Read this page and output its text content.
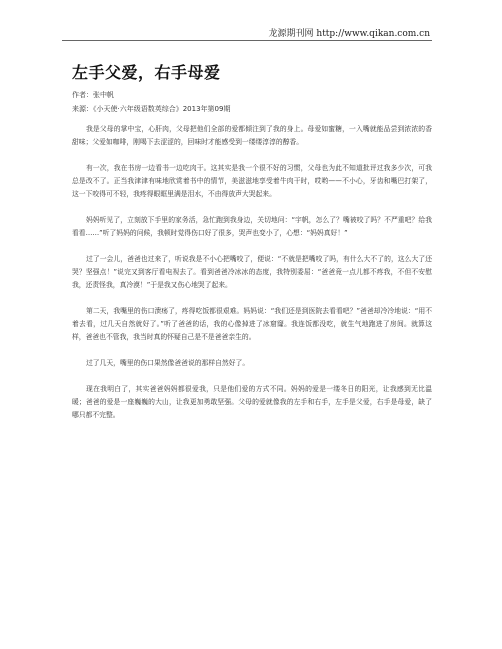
龙源期刊网 http://www.qikan.com.cn
左手父爱，右手母爱
作者：张中帆
来源：《小天使·六年级语数英综合》2013年第09期

我是父母的掌中宝，心肝肉，父母把他们全部的爱都倾注到了我的身上。母爱如蜜糖，一入嘴就能品尝到浓浓的香甜味；父爱如咖啡，刚喝下去涩涩的，回味时才能感受到一缕缕淳淳的醇香。

有一次，我在书房一边看书一边吃肉干。这其实是我一个很不好的习惯，父母也为此不知道批评过我多少次，可我总是改不了。正当我津津有味地欣赏着书中的情节，美滋滋地享受着牛肉干时，哎哟——不小心，牙齿和嘴巴打架了，这一下咬得可不轻，我疼得眼眶里满是泪水，不由得放声大哭起来。

妈妈听见了，立刻放下手里的家务活，急忙跑到我身边，关切地问：“宇帆，怎么了？嘴被咬了吗？不严重吧？给我看看……”听了妈妈的问候，我顿时觉得伤口好了很多，哭声也变小了，心想：“妈妈真好！”

过了一会儿，爸爸也过来了，听说我是不小心把嘴咬了，便说：“不就是把嘴咬了吗，有什么大不了的，这么大了还哭？坚强点！”说完又到客厅看电视去了。看到爸爸冷冰冰的态度，我特别委屈：“爸爸竟一点儿都不疼我，不但不安慰我，还责怪我，真冷漠！”于是我又伤心地哭了起来。

第二天，我嘴里的伤口溃疡了，疼得吃饭都很艰难。妈妈说：“我们还是到医院去看看吧？”爸爸却冷冷地说：“用不着去看，过几天自然就好了。”听了爸爸的话，我的心像掉进了冰窟窿。我连饭都没吃，就生气地跑进了房间。就算这样，爸爸也不管我，我当时真的怀疑自己是不是爸爸亲生的。

过了几天，嘴里的伤口果然像爸爸说的那样自然好了。

现在我明白了，其实爸爸妈妈都很爱我，只是他们爱的方式不同。妈妈的爱是一缕冬日的阳光，让我感到无比温暖；爸爸的爱是一座巍巍的大山，让我更加勇敢坚强。父母的爱就像我的左手和右手，左手是父爱，右手是母爱，缺了哪只都不完整。
